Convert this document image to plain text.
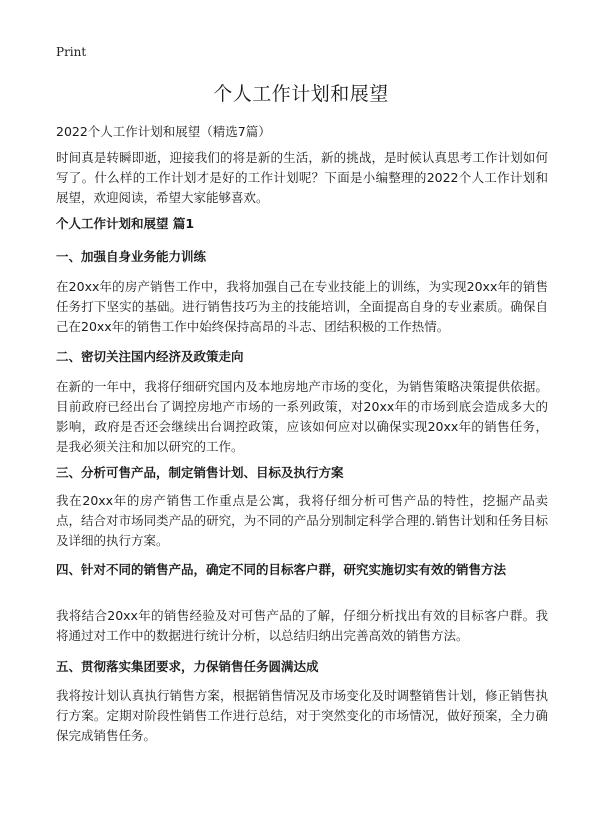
Print
个人工作计划和展望

2022个人工作计划和展望（精选7篇）

时间真是转瞬即逝，迎接我们的将是新的生活，新的挑战，是时候认真思考工作计划如何写了。什么样的工作计划才是好的工作计划呢？下面是小编整理的2022个人工作计划和展望，欢迎阅读，希望大家能够喜欢。

个人工作计划和展望 篇1
一、加强自身业务能力训练

在20xx年的房产销售工作中，我将加强自己在专业技能上的训练，为实现20xx年的销售任务打下坚实的基础。进行销售技巧为主的技能培训，全面提高自身的专业素质。确保自己在20xx年的销售工作中始终保持高昂的斗志、团结积极的工作热情。

二、密切关注国内经济及政策走向

在新的一年中，我将仔细研究国内及本地房地产市场的变化，为销售策略决策提供依据。目前政府已经出台了调控房地产市场的一系列政策，对20xx年的市场到底会造成多大的影响，政府是否还会继续出台调控政策，应该如何应对以确保实现20xx年的销售任务，是我必须关注和加以研究的工作。

三、分析可售产品，制定销售计划、目标及执行方案

我在20xx年的房产销售工作重点是公寓，我将仔细分析可售产品的特性，挖掘产品卖点，结合对市场同类产品的研究，为不同的产品分别制定科学合理的.销售计划和任务目标及详细的执行方案。

四、针对不同的销售产品，确定不同的目标客户群，研究实施切实有效的销售方法

我将结合20xx年的销售经验及对可售产品的了解，仔细分析找出有效的目标客户群。我将通过对工作中的数据进行统计分析，以总结归纳出完善高效的销售方法。

五、贯彻落实集团要求，力保销售任务圆满达成

我将按计划认真执行销售方案，根据销售情况及市场变化及时调整销售计划，修正销售执行方案。定期对阶段性销售工作进行总结，对于突然变化的市场情况，做好预案，全力确保完成销售任务。
